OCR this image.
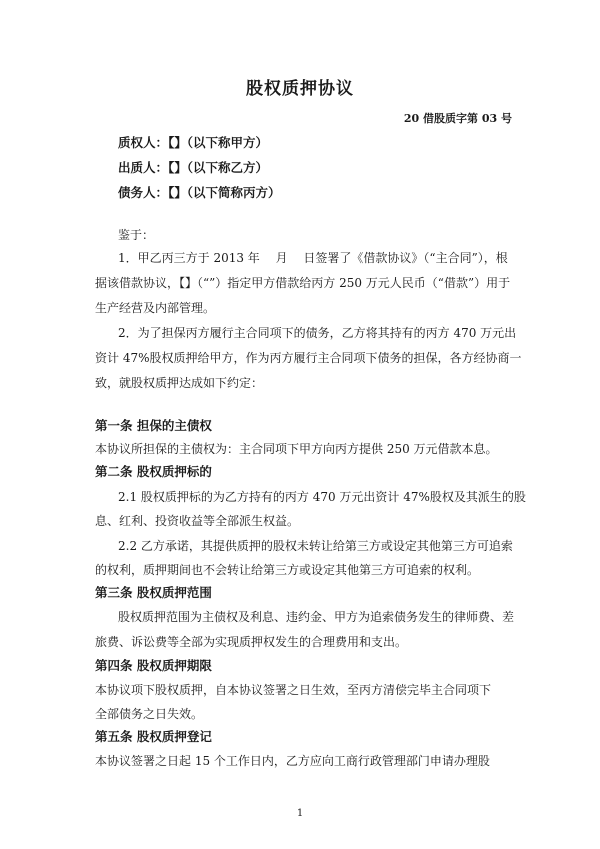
股权质押协议
20 借股质字第 03 号
质权人：【】（以下称甲方）
出质人：【】（以下称乙方）
债务人：【】（以下简称丙方）
鉴于：
1．甲乙丙三方于 2013 年　 月　 日签署了《借款协议》（“主合同”），根
据该借款协议，【】（“”）指定甲方借款给丙方 250 万元人民币（“借款”）用于
生产经营及内部管理。
2．为了担保丙方履行主合同项下的债务，乙方将其持有的丙方 470 万元出
资计 47%股权质押给甲方，作为丙方履行主合同项下债务的担保，各方经协商一
致，就股权质押达成如下约定：
第一条 担保的主债权
本协议所担保的主债权为：主合同项下甲方向丙方提供 250 万元借款本息。
第二条 股权质押标的
2.1 股权质押标的为乙方持有的丙方 470 万元出资计 47%股权及其派生的股
息、红利、投资收益等全部派生权益。
2.2 乙方承诺，其提供质押的股权未转让给第三方或设定其他第三方可追索
的权利，质押期间也不会转让给第三方或设定其他第三方可追索的权利。
第三条 股权质押范围
股权质押范围为主债权及利息、违约金、甲方为追索债务发生的律师费、差
旅费、诉讼费等全部为实现质押权发生的合理费用和支出。
第四条 股权质押期限
本协议项下股权质押，自本协议签署之日生效，至丙方清偿完毕主合同项下
全部债务之日失效。
第五条 股权质押登记
本协议签署之日起 15 个工作日内，乙方应向工商行政管理部门申请办理股
1
